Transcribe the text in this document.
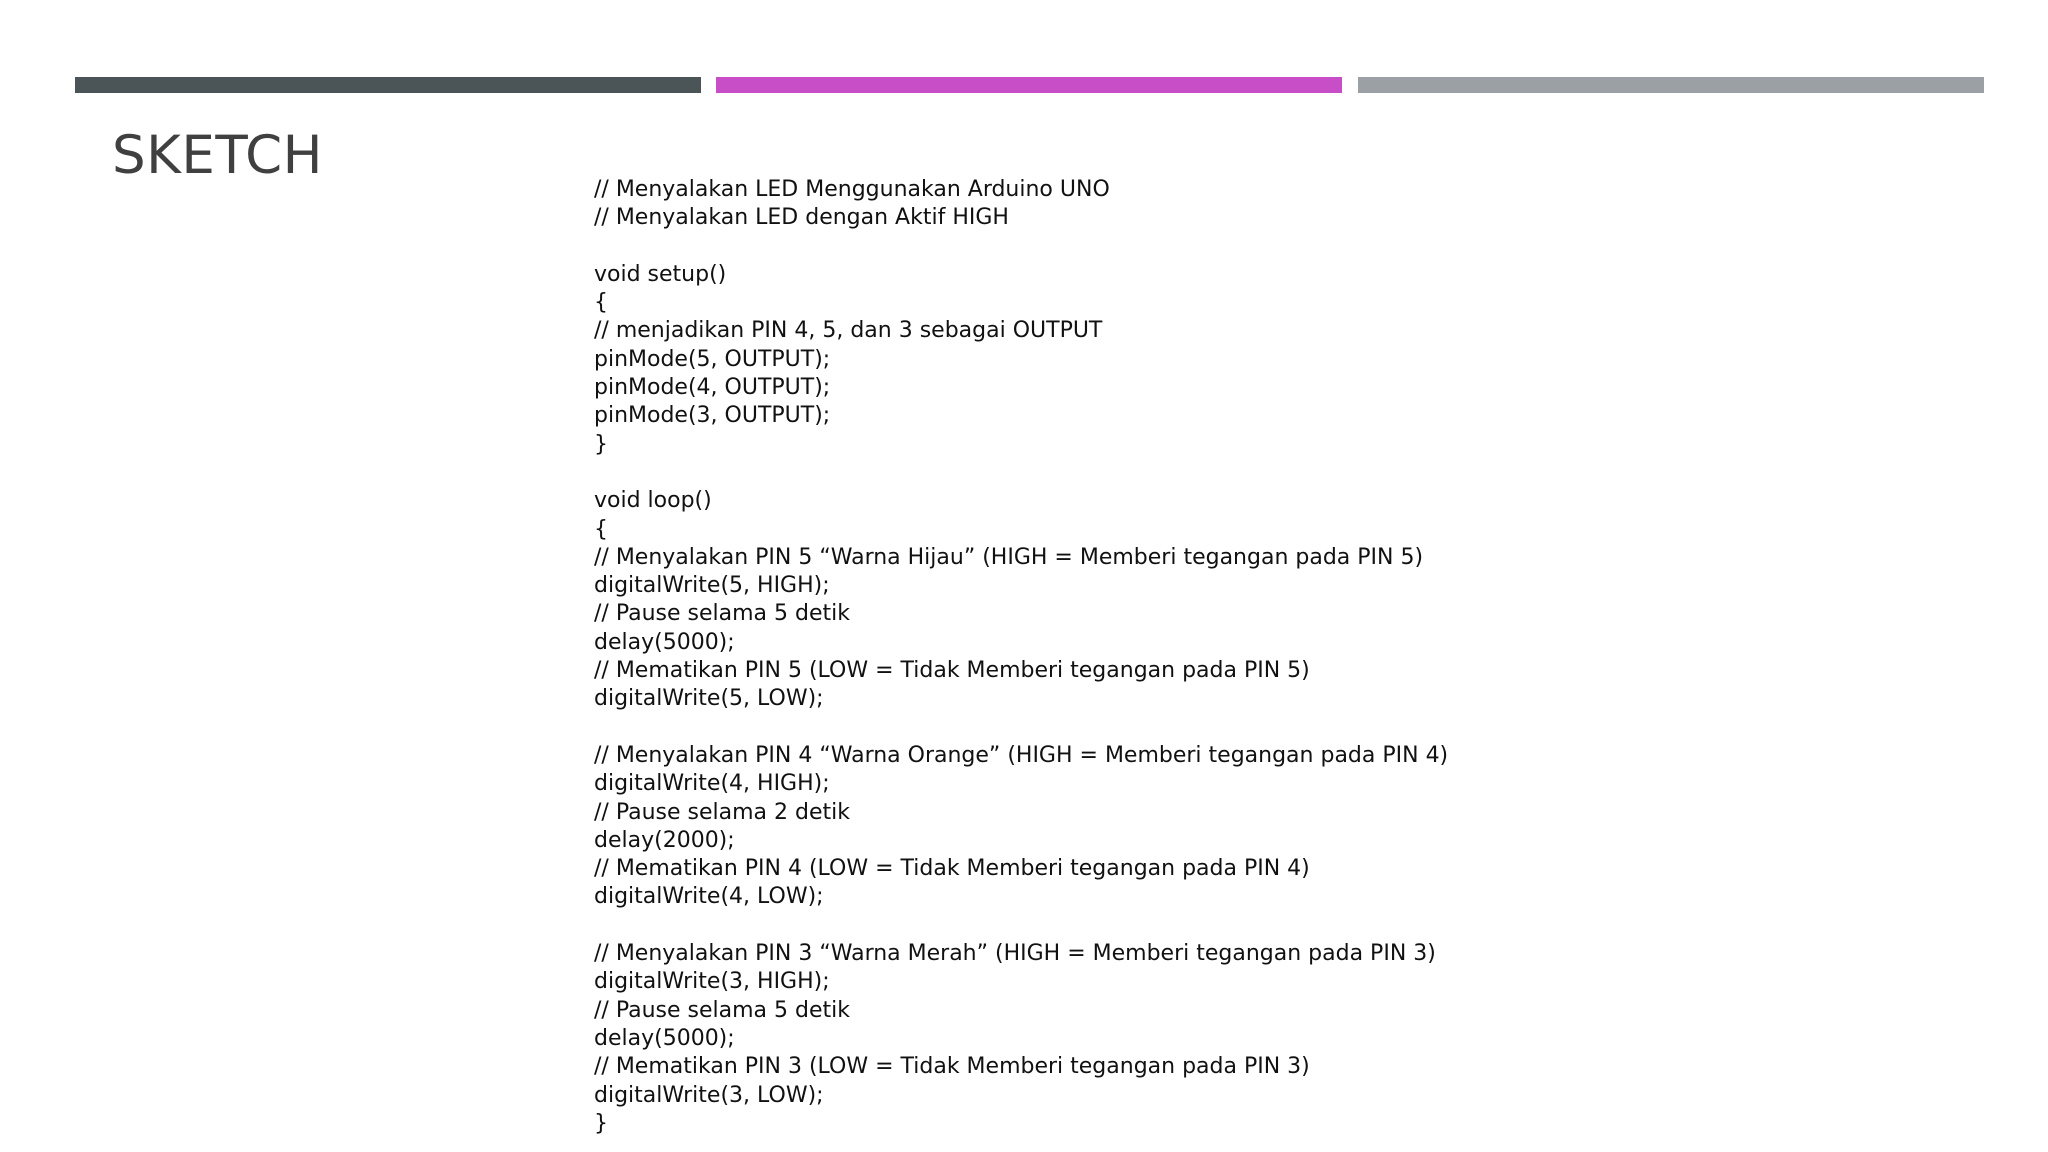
SKETCH
// Menyalakan LED Menggunakan Arduino UNO
// Menyalakan LED dengan Aktif HIGH
void setup()
{
// menjadikan PIN 4, 5, dan 3 sebagai OUTPUT
pinMode(5, OUTPUT);
pinMode(4, OUTPUT);
pinMode(3, OUTPUT);
}
void loop()
{
// Menyalakan PIN 5 “Warna Hijau” (HIGH = Memberi tegangan pada PIN 5)
digitalWrite(5, HIGH);
// Pause selama 5 detik
delay(5000);
// Mematikan PIN 5 (LOW = Tidak Memberi tegangan pada PIN 5)
digitalWrite(5, LOW);
// Menyalakan PIN 4 “Warna Orange” (HIGH = Memberi tegangan pada PIN 4)
digitalWrite(4, HIGH);
// Pause selama 2 detik
delay(2000);
// Mematikan PIN 4 (LOW = Tidak Memberi tegangan pada PIN 4)
digitalWrite(4, LOW);
// Menyalakan PIN 3 “Warna Merah” (HIGH = Memberi tegangan pada PIN 3)
digitalWrite(3, HIGH);
// Pause selama 5 detik
delay(5000);
// Mematikan PIN 3 (LOW = Tidak Memberi tegangan pada PIN 3)
digitalWrite(3, LOW);
}
